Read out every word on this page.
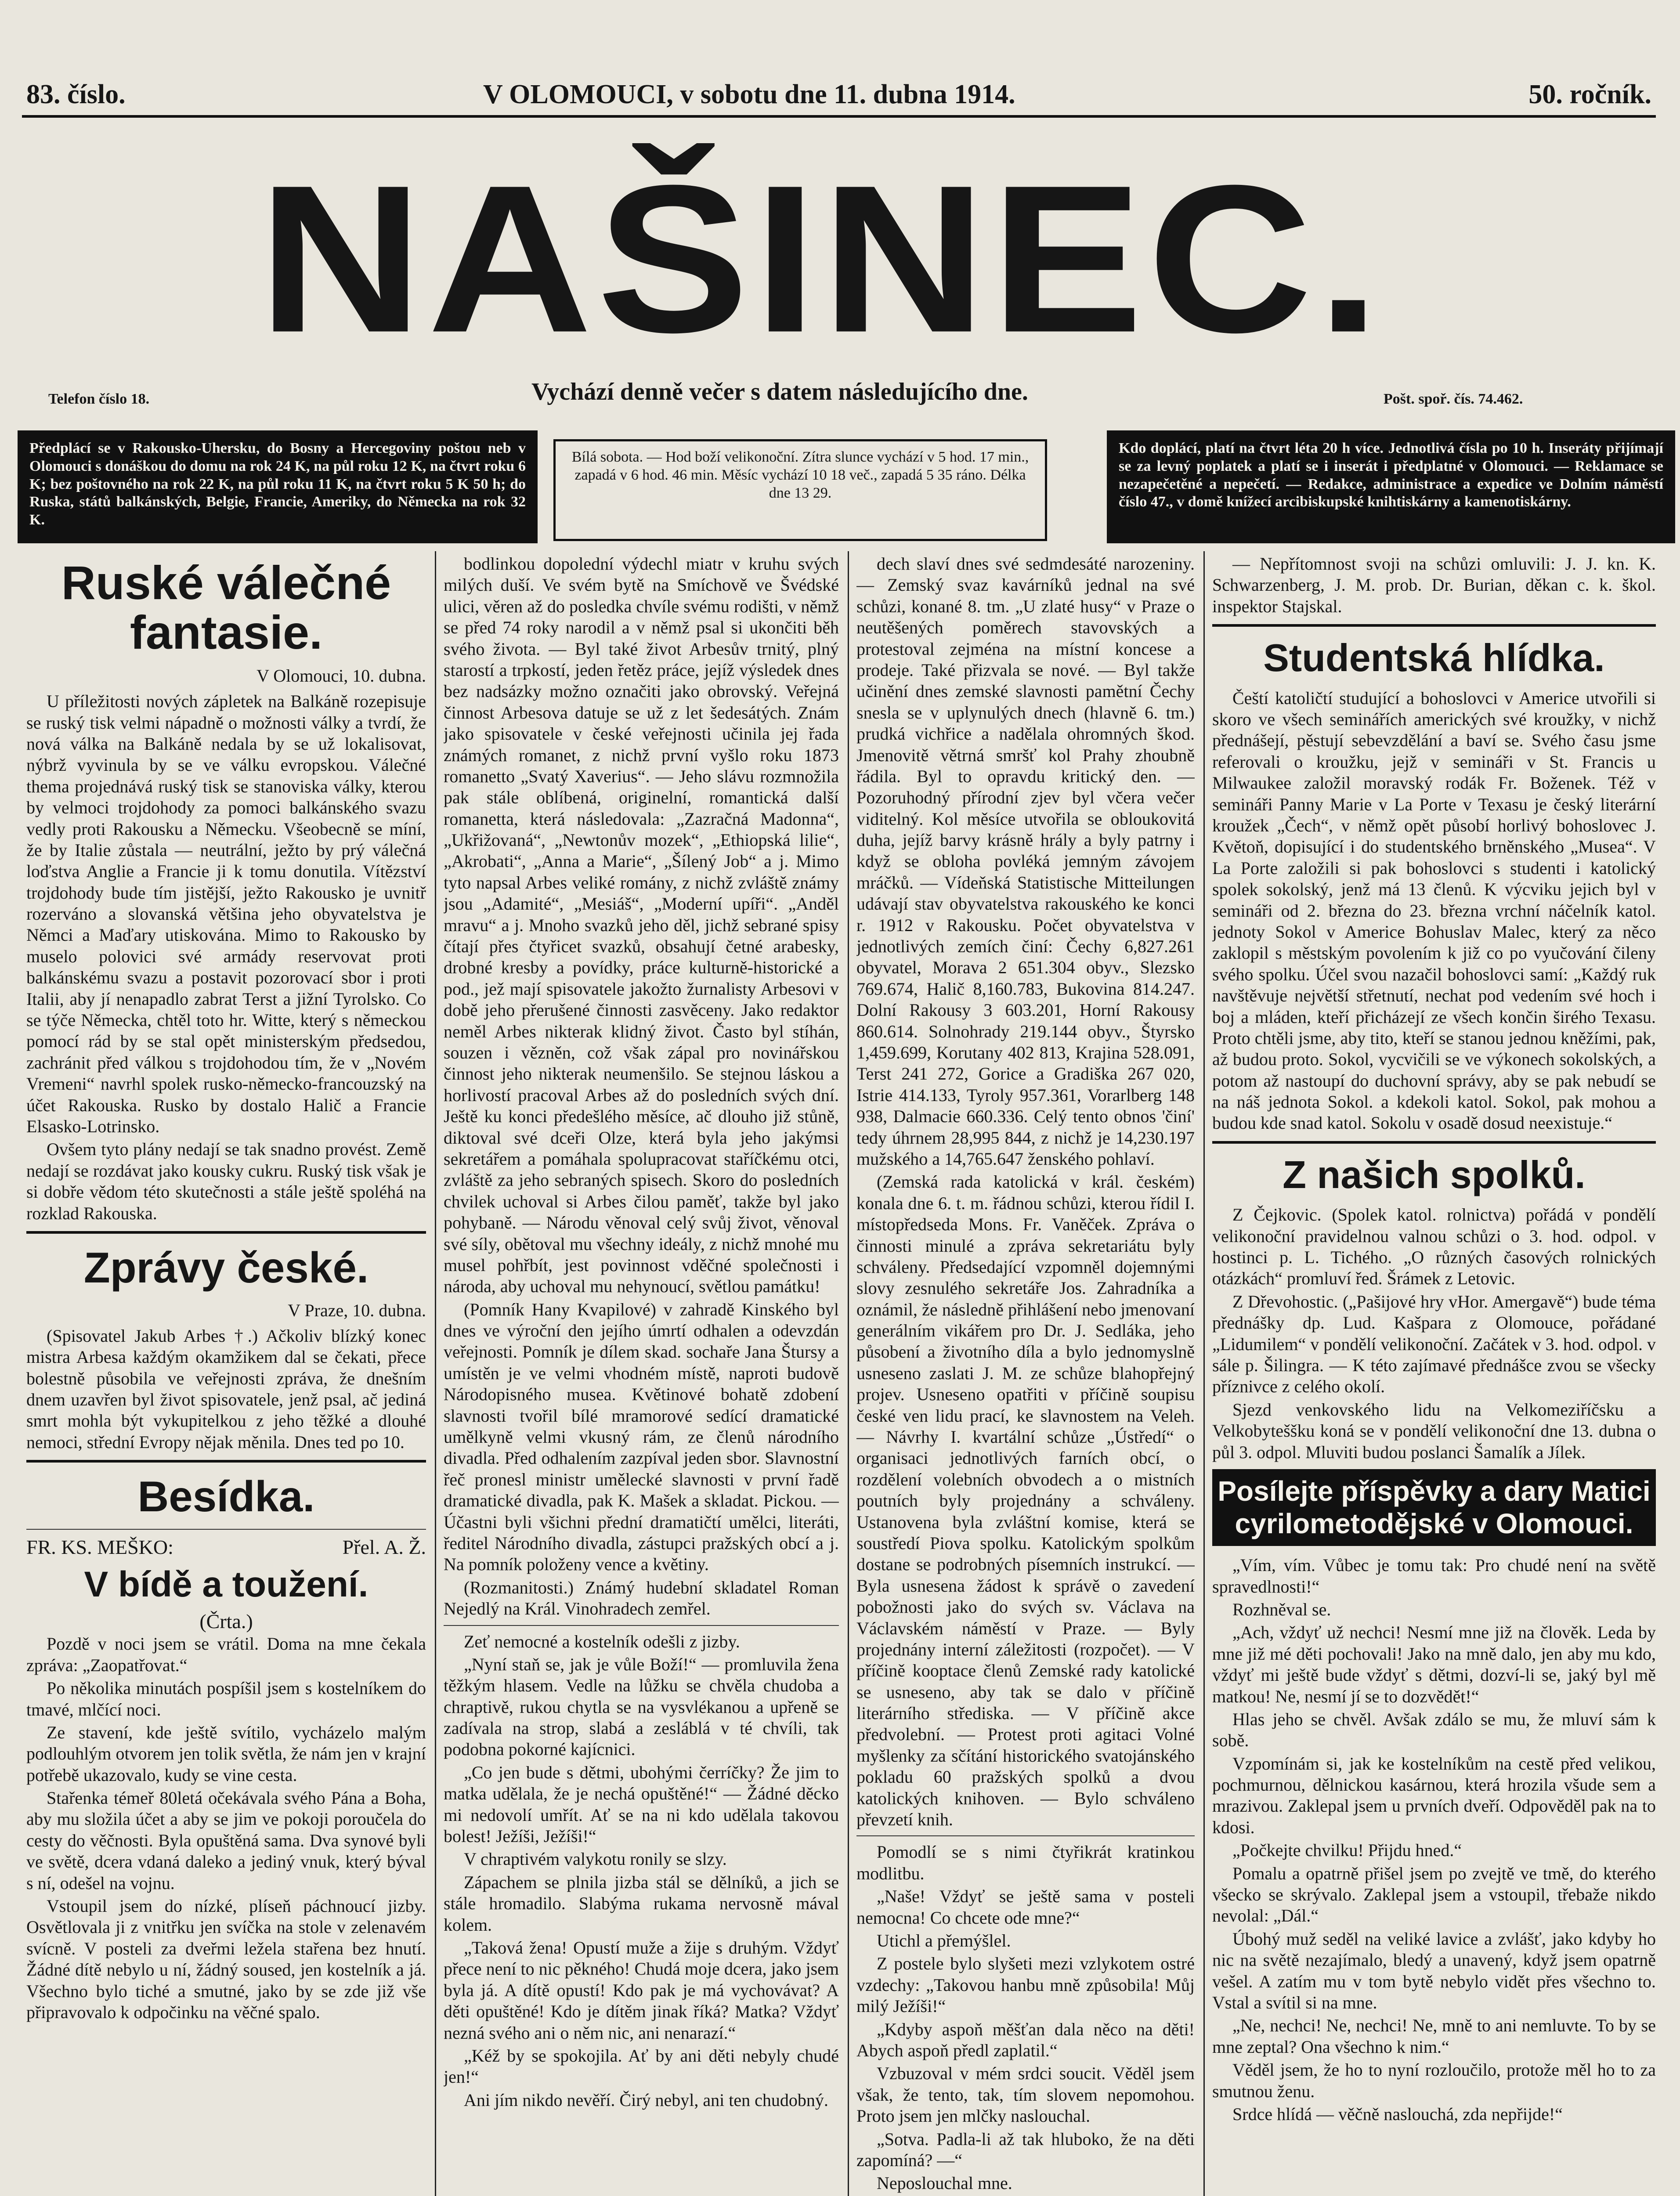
83. číslo.	V OLOMOUCI, v sobotu dne 11. dubna 1914.	50. ročník.
NAŠINEC.
Telefon číslo 18.	Vychází denně večer s datem následujícího dne.	Pošt. spoř. čís. 74.462.
Předplácí se v Rakousko-Uhersku, do Bosny a Hercegoviny poštou neb v Olomouci s donáškou do domu na rok 24 K, na půl roku 12 K, na čtvrt roku 6 K; bez poštovného na rok 22 K, na půl roku 11 K, na čtvrt roku 5 K 50 h; do Ruska, států balkánských, Belgie, Francie, Ameriky, do Německa na rok 32 K.
Bílá sobota. — Hod boží velikonoční. Zítra slunce vychází v 5 hod. 17 min., zapadá v 6 hod. 46 min. Měsíc vychází 10 18 več., zapadá 5 35 ráno. Délka dne 13 29.
Kdo doplácí, platí na čtvrt léta 20 h více. Jednotlivá čísla po 10 h. Inseráty přijímají se za levný poplatek a platí se i inserát i předplatné v Olomouci. — Reklamace se nezapečetěné a nepečetí. — Redakce, administrace a expedice ve Dolním náměstí číslo 47., v domě knížecí arcibiskupské knihtiskárny a kamenotiskárny.
Ruské válečné fantasie.
V Olomouci, 10. dubna.

U příležitosti nových zápletek na Balkáně rozepisuje se ruský tisk velmi nápadně o možnosti války a tvrdí, že nová válka na Balkáně nedala by se už lokalisovat, nýbrž vyvinula by se ve válku evropskou. Válečné thema projednává ruský tisk se stanoviska války, kterou by velmoci trojdohody za pomoci balkánského svazu vedly proti Rakousku a Německu. Všeobecně se míní, že by Italie zůstala — neutrální, ježto by prý válečná loďstva Anglie a Francie ji k tomu donutila. Vítězství trojdohody bude tím jistější, ježto Rakousko je uvnitř rozerváno a slovanská většina jeho obyvatelstva je Němci a Maďary utiskována. Mimo to Rakousko by muselo polovici své armády reservovat proti balkánskému svazu a postavit pozorovací sbor i proti Italii, aby jí nenapadlo zabrat Terst a jižní Tyrolsko. Co se týče Německa, chtěl toto hr. Witte, který s německou pomocí rád by se stal opět ministerským předsedou, zachránit před válkou s trojdohodou tím, že v „Novém Vremeni“ navrhl spolek rusko-německo-francouzský na účet Rakouska. Rusko by dostalo Halič a Francie Elsasko-Lotrinsko.

Ovšem tyto plány nedají se tak snadno provést. Země nedají se rozdávat jako kousky cukru. Ruský tisk však je si dobře vědom této skutečnosti a stále ještě spoléhá na rozklad Rakouska.

Zprávy české.
V Praze, 10. dubna.

(Spisovatel Jakub Arbes †.) Ačkoliv blízký konec mistra Arbesa každým okamžikem dal se čekati, přece bolestně působila ve veřejnosti zpráva, že dnešním dnem uzavřen byl život spisovatele, jenž psal, ač jediná smrt mohla být vykupitelkou z jeho těžké a dlouhé nemoci, střední Evropy nějak měnila. Dnes ted po 10.

Besídka.
FR. KS. MEŠKO:	Přel. A. Ž.
V bídě a toužení.
(Črta.)

Pozdě v noci jsem se vrátil. Doma na mne čekala zpráva: „Zaopatřovat.“

Po několika minutách pospíšil jsem s kostelníkem do tmavé, mlčící noci.

Ze stavení, kde ještě svítilo, vycházelo malým podlouhlým otvorem jen tolik světla, že nám jen v krajní potřebě ukazovalo, kudy se vine cesta.

Stařenka témeř 80letá očekávala svého Pána a Boha, aby mu složila účet a aby se jim ve pokoji poroučela do cesty do věčnosti. Byla opuštěná sama. Dva synové byli ve světě, dcera vdaná daleko a jediný vnuk, který býval s ní, odešel na vojnu.

Vstoupil jsem do nízké, plíseň páchnoucí jizby. Osvětlovala ji z vnitřku jen svíčka na stole v zelenavém svícně. V posteli za dveřmi ležela stařena bez hnutí. Žádné dítě nebylo u ní, žádný soused, jen kostelník a já. Všechno bylo tiché a smutné, jako by se zde již vše připravovalo k odpočinku na věčné spalo.

bodlinkou dopolední výdechl miatr v kruhu svých milých duší. Ve svém bytě na Smíchově ve Švédské ulici, věren až do posledka chvíle svému rodišti, v němž se před 74 roky narodil a v němž psal si ukončiti běh svého života. — Byl také život Arbesův trnitý, plný starostí a trpkostí, jeden řetěz práce, jejíž výsledek dnes bez nadsázky možno označiti jako obrovský. Veřejná činnost Arbesova datuje se už z let šedesátých. Znám jako spisovatele v české veřejnosti učinila jej řada známých romanet, z nichž první vyšlo roku 1873 romanetto „Svatý Xaverius“. — Jeho slávu rozmnožila pak stále oblíbená, originelní, romantická další romanetta, která následovala: „Zazračná Madonna“, „Ukřižovaná“, „Newtonův mozek“, „Ethiopská lilie“, „Akrobati“, „Anna a Marie“, „Šílený Job“ a j. Mimo tyto napsal Arbes veliké romány, z nichž zvláště známy jsou „Adamité“, „Mesiáš“, „Moderní upíři“. „Anděl mravu“ a j. Mnoho svazků jeho děl, jichž sebrané spisy čítají přes čtyřicet svazků, obsahují četné arabesky, drobné kresby a povídky, práce kulturně-historické a pod., jež mají spisovatele jakožto žurnalisty Arbesovi v době jeho přerušené činnosti zasvěceny. Jako redaktor neměl Arbes nikterak klidný život. Často byl stíhán, souzen i vězněn, což však zápal pro novinářskou činnost jeho nikterak neumenšilo. Se stejnou láskou a horlivostí pracoval Arbes až do posledních svých dní. Ještě ku konci předešlého měsíce, ač dlouho již stůně, diktoval své dceři Olze, která byla jeho jakýmsi sekretářem a pomáhala spolupracovat staříčkému otci, zvláště za jeho sebraných spisech. Skoro do posledních chvilek uchoval si Arbes čilou paměť, takže byl jako pohybaně. — Národu věnoval celý svůj život, věnoval své síly, obětoval mu všechny ideály, z nichž mnohé mu musel pohřbít, jest povinnost vděčné společnosti i národa, aby uchoval mu nehynoucí, světlou památku!

(Pomník Hany Kvapilové) v zahradě Kinského byl dnes ve výroční den jejího úmrtí odhalen a odevzdán veřejnosti. Pomník je dílem skad. sochaře Jana Štursy a umístěn je ve velmi vhodném místě, naproti budově Národopisného musea. Květinové bohatě zdobení slavnosti tvořil bílé mramorové sedící dramatické umělkyně velmi vkusný rám, ze členů národního divadla. Před odhalením zazpíval jeden sbor. Slavnostní řeč pronesl ministr umělecké slavnosti v první řadě dramatické divadla, pak K. Mašek a skladat. Pickou. — Účastni byli všichni přední dramatičtí umělci, literáti, ředitel Národního divadla, zástupci pražských obcí a j. Na pomník položeny vence a květiny.

(Rozmanitosti.) Známý hudební skladatel Roman Nejedlý na Král. Vinohradech zemřel.

Zeť nemocné a kostelník odešli z jizby.

„Nyní staň se, jak je vůle Boží!“ — promluvila žena těžkým hlasem. Vedle na lůžku se chvěla chudoba a chraptivě, rukou chytla se na vysvlékanou a upřeně se zadívala na strop, slabá a zesláblá v té chvíli, tak podobna pokorné kajícnici.

„Co jen bude s dětmi, ubohými čerríčky? Že jim to matka udělala, že je nechá opuštěné!“ — Žádné děcko mi nedovolí umřít. Ať se na ni kdo udělala takovou bolest! Ježíši, Ježíši!“

V chraptivém valykotu ronily se slzy.

Zápachem se plnila jizba stál se dělníků, a jich se stále hromadilo. Slabýma rukama nervosně mával kolem.

„Taková žena! Opustí muže a žije s druhým. Vždyť přece není to nic pěkného! Chudá moje dcera, jako jsem byla já. A dítě opustí! Kdo pak je má vychovávat? A děti opuštěné! Kdo je dítěm jinak říká? Matka? Vždyť nezná svého ani o něm nic, ani nenarazí.“

„Kéž by se spokojila. Ať by ani děti nebyly chudé jen!“

Ani jím nikdo nevěří. Čirý nebyl, ani ten chudobný.

dech slaví dnes své sedmdesáté narozeniny. — Zemský svaz kavárníků jednal na své schůzi, konané 8. tm. „U zlaté husy“ v Praze o neutěšených poměrech stavovských a protestoval zejména na místní koncese a prodeje. Také přizvala se nové. — Byl takže učinění dnes zemské slavnosti pamětní Čechy snesla se v uplynulých dnech (hlavně 6. tm.) prudká vichřice a nadělala ohromných škod. Jmenovitě větrná smršť kol Prahy zhoubně řádila. Byl to opravdu kritický den. — Pozoruhodný přírodní zjev byl včera večer viditelný. Kol měsíce utvořila se obloukovitá duha, jejíž barvy krásně hrály a byly patrny i když se obloha povléká jemným závojem mráčků. — Vídeňská Statistische Mitteilungen udávají stav obyvatelstva rakouského ke konci r. 1912 v Rakousku. Počet obyvatelstva v jednotlivých zemích činí: Čechy 6,827.261 obyvatel, Morava 2 651.304 obyv., Slezsko 769.674, Halič 8,160.783, Bukovina 814.247. Dolní Rakousy 3 603.201, Horní Rakousy 860.614. Solnohrady 219.144 obyv., Štyrsko 1,459.699, Korutany 402 813, Krajina 528.091, Terst 241 272, Gorice a Gradiška 267 020, Istrie 414.133, Tyroly 957.361, Vorarlberg 148 938, Dalmacie 660.336. Celý tento obnos 'činí' tedy úhrnem 28,995 844, z nichž je 14,230.197 mužského a 14,765.647 ženského pohlaví.

(Zemská rada katolická v král. českém) konala dne 6. t. m. řádnou schůzi, kterou řídil I. místopředseda Mons. Fr. Vaněček. Zpráva o činnosti minulé a zpráva sekretariátu byly schváleny. Předsedající vzpomněl dojemnými slovy zesnulého sekretáře Jos. Zahradníka a oznámil, že následně přihlášení nebo jmenovaní generálním vikářem pro Dr. J. Sedláka, jeho působení a životního díla a bylo jednomyslně usneseno zaslati J. M. ze schůze blahopřejný projev. Usneseno opatřiti v příčině soupisu české ven lidu prací, ke slavnostem na Veleh. — Návrhy I. kvartální schůze „Ústředí“ o organisaci jednotlivých farních obcí, o rozdělení volebních obvodech a o mistních poutních byly projednány a schváleny. Ustanovena byla zvláštní komise, která se soustředí Piova spolku. Katolickým spolkům dostane se podrobných písemních instrukcí. — Byla usnesena žádost k správě o zavedení pobožnosti jako do svých sv. Václava na Václavském náměstí v Praze. — Byly projednány interní záležitosti (rozpočet). — V příčině kooptace členů Zemské rady katolické se usneseno, aby tak se dalo v příčině literárního střediska. — V příčině akce předvolební. — Protest proti agitaci Volné myšlenky za sčítání historického svatojánského pokladu 60 pražských spolků a dvou katolických knihoven. — Bylo schváleno převzetí knih.

Pomodlí se s nimi čtyřikrát kratinkou modlitbu.

„Naše! Vždyť se ještě sama v posteli nemocna! Co chcete ode mne?“

Utichl a přemýšlel.

Z postele bylo slyšeti mezi vzlykotem ostré vzdechy: „Takovou hanbu mně způsobila! Můj milý Ježíši!“

„Kdyby aspoň měšťan dala něco na děti! Abych aspoň předl zaplatil.“

Vzbuzoval v mém srdci soucit. Věděl jsem však, že tento, tak, tím slovem nepomohou. Proto jsem jen mlčky naslouchal.

„Sotva. Padla-li až tak hluboko, že na děti zapomíná? —“

Neposlouchal mne.

— Nepřítomnost svoji na schůzi omluvili: J. J. kn. K. Schwarzenberg, J. M. prob. Dr. Burian, děkan c. k. škol. inspektor Stajskal.

Studentská hlídka.

Čeští katoličtí studující a bohoslovci v Americe utvořili si skoro ve všech seminářích amerických své kroužky, v nichž přednášejí, pěstují sebevzdělání a baví se. Svého času jsme referovali o kroužku, jejž v semináři v St. Francis u Milwaukee založil moravský rodák Fr. Boženek. Též v semináři Panny Marie v La Porte v Texasu je český literární kroužek „Čech“, v němž opět působí horlivý bohoslovec J. Květoň, dopisující i do studentského brněnského „Musea“. V La Porte založili si pak bohoslovci s studenti i katolický spolek sokolský, jenž má 13 členů. K výcviku jejich byl v semináři od 2. března do 23. března vrchní náčelník katol. jednoty Sokol v Americe Bohuslav Malec, který za něco zaklopil s městským povolením k již co po vyučování čileny svého spolku. Účel svou nazačil bohoslovci samí: „Každý ruk navštěvuje největší střetnutí, nechat pod vedením své hoch i boj a mláden, kteří přicházejí ze všech končin širého Texasu. Proto chtěli jsme, aby tito, kteří se stanou jednou kněžími, pak, až budou proto. Sokol, vycvičili se ve výkonech sokolských, a potom až nastoupí do duchovní správy, aby se pak nebudí se na náš jednota Sokol. a kdekoli katol. Sokol, pak mohou a budou kde snad katol. Sokolu v osadě dosud neexistuje.“

Z našich spolků.

Z Čejkovic. (Spolek katol. rolnictva) pořádá v pondělí velikonoční pravidelnou valnou schůzi o 3. hod. odpol. v hostinci p. L. Tichého. „O různých časových rolnických otázkách“ promluví řed. Šrámek z Letovic.

Z Dřevohostic. („Pašijové hry vHor. Amergavě“) bude téma přednášky dp. Lud. Kašpara z Olomouce, pořádané „Lidumilem“ v pondělí velikonoční. Začátek v 3. hod. odpol. v sále p. Šilingra. — K této zajímavé přednášce zvou se všecky příznivce z celého okolí.

Sjezd venkovského lidu na Velkomeziříčsku a Velkobyteššku koná se v pondělí velikonoční dne 13. dubna o půl 3. odpol. Mluviti budou poslanci Šamalík a Jílek.

Posílejte příspěvky a dary Matici cyrilometodějské v Olomouci.

„Vím, vím. Vůbec je tomu tak: Pro chudé není na světě spravedlnosti!“

Rozhněval se.

„Ach, vždyť už nechci! Nesmí mne již na člověk. Leda by mne již mé děti pochovali! Jako na mně dalo, jen aby mu kdo, vždyť mi ještě bude vždyť s dětmi, dozví-li se, jaký byl mě matkou! Ne, nesmí jí se to dozvědět!“

Hlas jeho se chvěl. Avšak zdálo se mu, že mluví sám k sobě.

Vzpomínám si, jak ke kostelníkům na cestě před velikou, pochmurnou, dělnickou kasárnou, která hrozila všude sem a mrazivou. Zaklepal jsem u prvních dveří. Odpověděl pak na to kdosi.

„Počkejte chvilku! Přijdu hned.“

Pomalu a opatrně přišel jsem po zvejtě ve tmě, do kterého všecko se skrývalo. Zaklepal jsem a vstoupil, třebaže nikdo nevolal: „Dál.“

Úbohý muž seděl na veliké lavice a zvlášť, jako kdyby ho nic na světě nezajímalo, bledý a unavený, když jsem opatrně vešel. A zatím mu v tom bytě nebylo vidět přes všechno to. Vstal a svítil si na mne.

„Ne, nechci! Ne, nechci! Ne, mně to ani nemluvte. To by se mne zeptal? Ona všechno k nim.“

Věděl jsem, že ho to nyní rozloučilo, protože měl ho to za smutnou ženu.

Srdce hlídá — věčně naslouchá, zda nepřijde!“
